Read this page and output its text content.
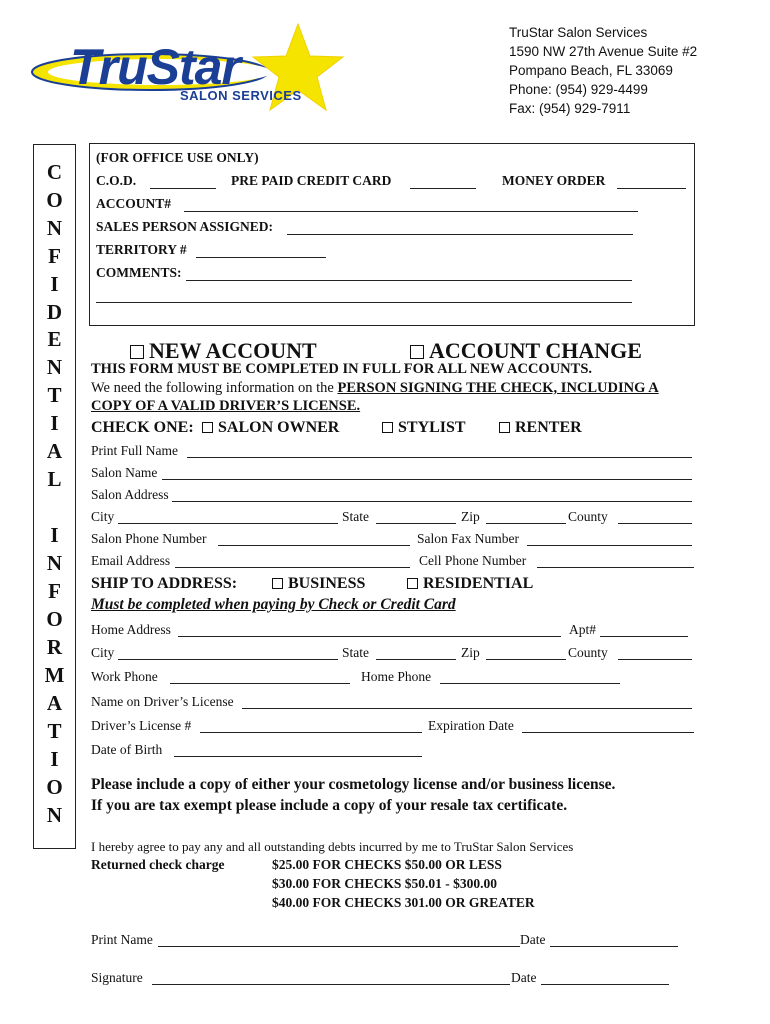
TruStar
SALON SERVICES
TruStar Salon Services
1590 NW 27th Avenue Suite #2
Pompano Beach, FL 33069
Phone: (954) 929-4499
Fax: (954) 929-7911
C
O
N
F
I
D
E
N
T
I
A
L
I
N
F
O
R
M
A
T
I
O
N
(FOR OFFICE USE ONLY)
C.O.D.	PRE PAID CREDIT CARD	MONEY ORDER
ACCOUNT#
SALES PERSON ASSIGNED:
TERRITORY #
COMMENTS:
NEW ACCOUNT	ACCOUNT CHANGE
THIS FORM MUST BE COMPLETED IN FULL FOR ALL NEW ACCOUNTS.
We need the following information on the PERSON SIGNING THE CHECK, INCLUDING A
COPY OF A VALID DRIVER’S LICENSE.
CHECK ONE:	SALON OWNER	STYLIST	RENTER
Print Full Name
Salon Name
Salon Address
City	State	Zip	County
Salon Phone Number	Salon Fax Number
Email Address	Cell Phone Number
SHIP TO ADDRESS:	BUSINESS	RESIDENTIAL
Must be completed when paying by Check or Credit Card
Home Address	Apt#
City	State	Zip	County
Work Phone	Home Phone
Name on Driver’s License
Driver’s License #	Expiration Date
Date of Birth
Please include a copy of either your cosmetology license and/or business license.
If you are tax exempt please include a copy of your resale tax certificate.
I hereby agree to pay any and all outstanding debts incurred by me to TruStar Salon Services
Returned check charge	$25.00 FOR CHECKS $50.00 OR LESS
$30.00 FOR CHECKS $50.01 - $300.00
$40.00 FOR CHECKS 301.00 OR GREATER
Print Name	Date
Signature	Date
